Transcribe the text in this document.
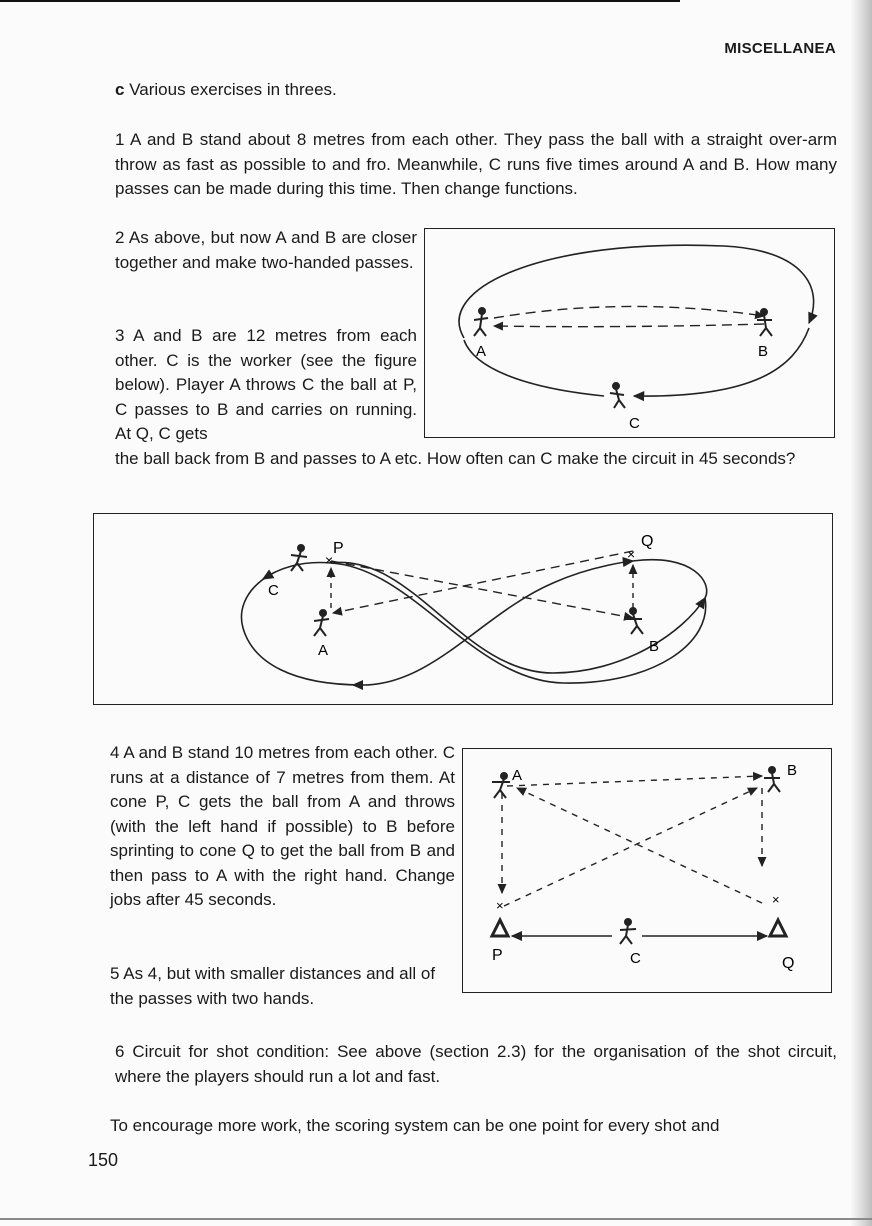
MISCELLANEA
c Various exercises in threes.
1 A and B stand about 8 metres from each other. They pass the ball with a straight over-arm throw as fast as possible to and fro. Meanwhile, C runs five times around A and B. How many passes can be made during this time. Then change functions.
2 As above, but now A and B are closer together and make two-handed passes.
3 A and B are 12 metres from each other. C is the worker (see the figure below). Player A throws C the ball at P, C passes to B and carries on running. At Q, C gets
the ball back from B and passes to A etc. How often can C make the circuit in 45 seconds?
A	B
C
×	×
P	Q
A	B
C
4 A and B stand 10 metres from each other. C runs at a distance of 7 metres from them. At cone P, C gets the ball from A and throws (with the left hand if possible) to B before sprinting to cone Q to get the ball from B and then pass to A with the right hand. Change jobs after 45 seconds.
5 As 4, but with smaller distances and all of the passes with two hands.
×	×
A	B
C
P	Q
6 Circuit for shot condition: See above (section 2.3) for the organisation of the shot circuit, where the players should run a lot and fast.
To encourage more work, the scoring system can be one point for every shot and
150
